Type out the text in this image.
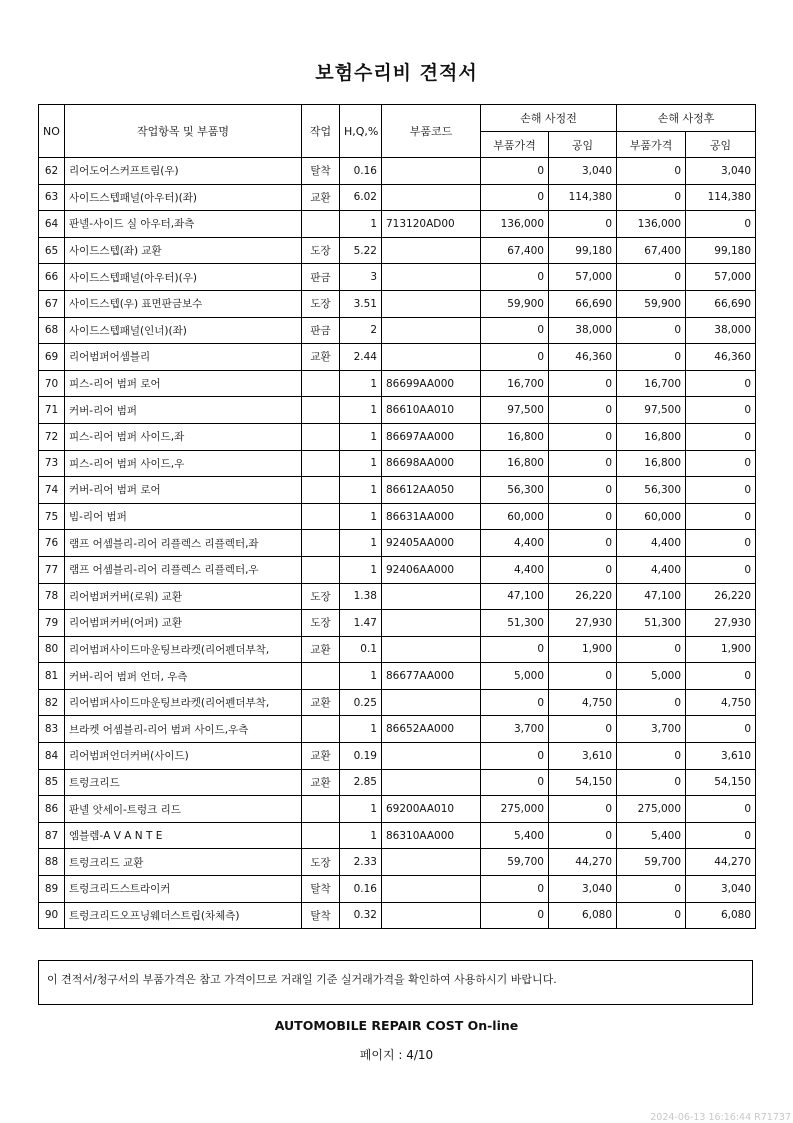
보험수리비 견적서
NO	작업항목 및 부품명	작업	H,Q,%	부품코드	손해 사정전		손해 사정후	
					부품가격	공임	부품가격	공임
62	리어도어스커프트림(우)	탈착	0.16		0	3,040	0	3,040
63	사이드스텝패널(아우터)(좌)	교환	6.02		0	114,380	0	114,380
64	판넬-사이드 실 아우터,좌측		1	713120AD00	136,000	0	136,000	0
65	사이드스텝(좌) 교환	도장	5.22		67,400	99,180	67,400	99,180
66	사이드스텝패널(아우터)(우)	판금	3		0	57,000	0	57,000
67	사이드스텝(우) 표면판금보수	도장	3.51		59,900	66,690	59,900	66,690
68	사이드스텝패널(인너)(좌)	판금	2		0	38,000	0	38,000
69	리어범퍼어셈블리	교환	2.44		0	46,360	0	46,360
70	피스-리어 범퍼 로어		1	86699AA000	16,700	0	16,700	0
71	커버-리어 범퍼		1	86610AA010	97,500	0	97,500	0
72	피스-리어 범퍼 사이드,좌		1	86697AA000	16,800	0	16,800	0
73	피스-리어 범퍼 사이드,우		1	86698AA000	16,800	0	16,800	0
74	커버-리어 범퍼 로어		1	86612AA050	56,300	0	56,300	0
75	빔-리어 범퍼		1	86631AA000	60,000	0	60,000	0
76	램프 어셈블리-리어 리플렉스 리플렉터,좌		1	92405AA000	4,400	0	4,400	0
77	램프 어셈블리-리어 리플렉스 리플렉터,우		1	92406AA000	4,400	0	4,400	0
78	리어범퍼커버(로워) 교환	도장	1.38		47,100	26,220	47,100	26,220
79	리어범퍼커버(어퍼) 교환	도장	1.47		51,300	27,930	51,300	27,930
80	리어범퍼사이드마운팅브라켓(리어펜더부착,	교환	0.1		0	1,900	0	1,900
81	커버-리어 범퍼 언더, 우측		1	86677AA000	5,000	0	5,000	0
82	리어범퍼사이드마운팅브라켓(리어펜더부착,	교환	0.25		0	4,750	0	4,750
83	브라켓 어셈블리-리어 범퍼 사이드,우측		1	86652AA000	3,700	0	3,700	0
84	리어범퍼언더커버(사이드)	교환	0.19		0	3,610	0	3,610
85	트렁크리드	교환	2.85		0	54,150	0	54,150
86	판넬 앗세이-트렁크 리드		1	69200AA010	275,000	0	275,000	0
87	엠블렘-A V A N T E		1	86310AA000	5,400	0	5,400	0
88	트렁크리드 교환	도장	2.33		59,700	44,270	59,700	44,270
89	트렁크리드스트라이커	탈착	0.16		0	3,040	0	3,040
90	트렁크리드오프닝웨더스트립(차체측)	탈착	0.32		0	6,080	0	6,080
이 견적서/청구서의 부품가격은 참고 가격이므로 거래일 기준 실거래가격을 확인하여 사용하시기 바랍니다.
AUTOMOBILE REPAIR COST On-line
페이지 : 4/10
2024-06-13 16:16:44 R71737
